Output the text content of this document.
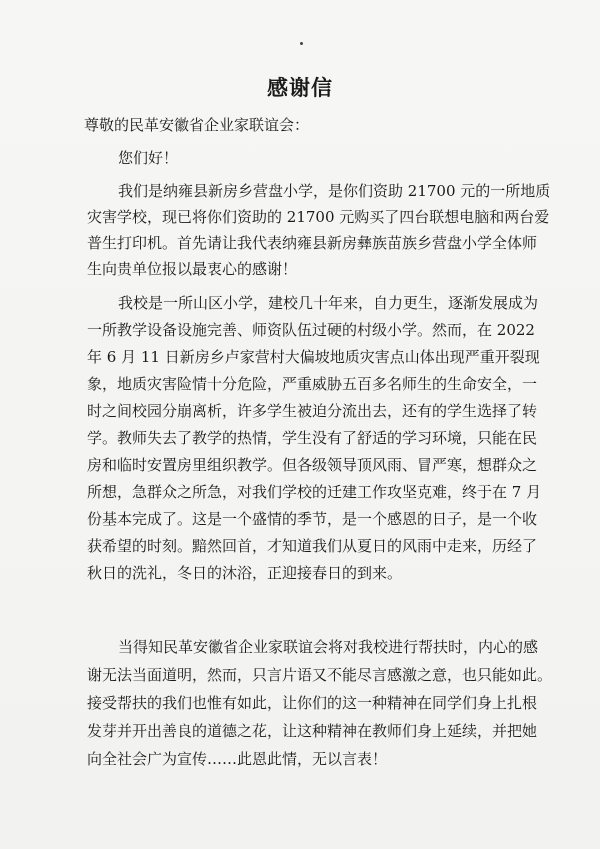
感谢信

尊敬的民革安徽省企业家联谊会：

您们好！

我们是纳雍县新房乡营盘小学，是你们资助 21700 元的一所地质

灾害学校，现已将你们资助的 21700 元购买了四台联想电脑和两台爱

普生打印机。首先请让我代表纳雍县新房彝族苗族乡营盘小学全体师

生向贵单位报以最衷心的感谢！

我校是一所山区小学，建校几十年来，自力更生，逐渐发展成为

一所教学设备设施完善、师资队伍过硬的村级小学。然而，在 2022

年 6 月 11 日新房乡卢家营村大偏坡地质灾害点山体出现严重开裂现

象，地质灾害险情十分危险，严重威胁五百多名师生的生命安全，一

时之间校园分崩离析，许多学生被迫分流出去，还有的学生选择了转

学。教师失去了教学的热情，学生没有了舒适的学习环境，只能在民

房和临时安置房里组织教学。但各级领导顶风雨、冒严寒，想群众之

所想，急群众之所急，对我们学校的迁建工作攻坚克难，终于在 7 月

份基本完成了。这是一个盛情的季节，是一个感恩的日子，是一个收

获希望的时刻。黯然回首，才知道我们从夏日的风雨中走来，历经了

秋日的洗礼，冬日的沐浴，正迎接春日的到来。

当得知民革安徽省企业家联谊会将对我校进行帮扶时，内心的感

谢无法当面道明，然而，只言片语又不能尽言感激之意，也只能如此。

接受帮扶的我们也惟有如此，让你们的这一种精神在同学们身上扎根

发芽并开出善良的道德之花，让这种精神在教师们身上延续，并把她

向全社会广为宣传……此恩此情，无以言表！
